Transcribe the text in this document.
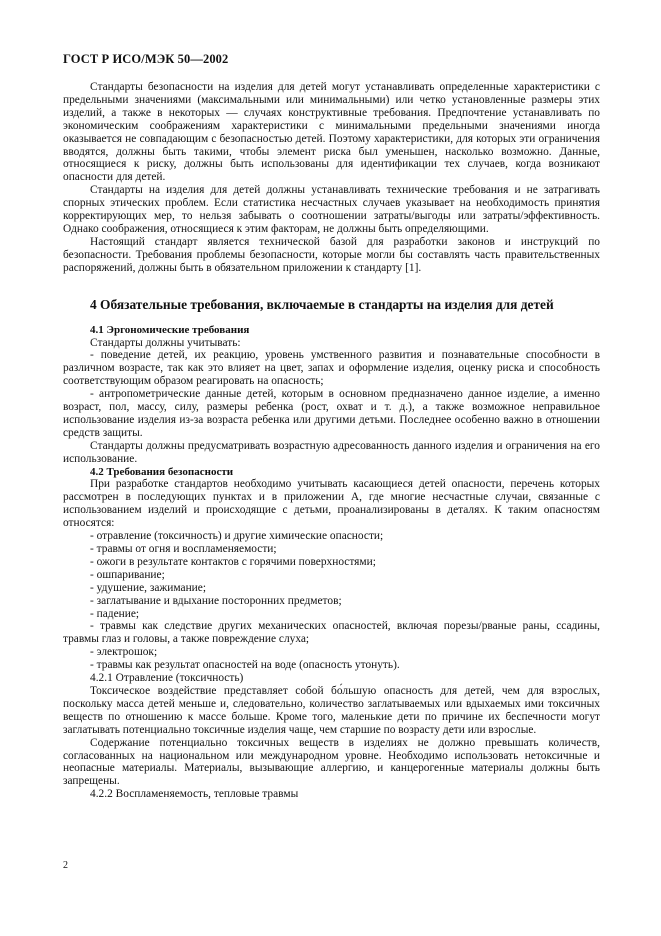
ГОСТ Р ИСО/МЭК 50—2002

Стандарты безопасности на изделия для детей могут устанавливать определенные характеристики с предельными значениями (максимальными или минимальными) или четко установленные размеры этих изделий, а также в некоторых — случаях конструктивные требования. Предпочтение устанавливать по экономическим соображениям характеристики с минимальными предельными значениями иногда оказывается не совпадающим с безопасностью детей. Поэтому характеристики, для которых эти ограничения вводятся, должны быть такими, чтобы элемент риска был уменьшен, насколько возможно. Данные, относящиеся к риску, должны быть использованы для идентификации тех случаев, когда возникают опасности для детей.

Стандарты на изделия для детей должны устанавливать технические требования и не затрагивать спорных этических проблем. Если статистика несчастных случаев указывает на необходимость принятия корректирующих мер, то нельзя забывать о соотношении затраты/выгоды или затраты/эффективность. Однако соображения, относящиеся к этим факторам, не должны быть определяющими.

Настоящий стандарт является технической базой для разработки законов и инструкций по безопасности. Требования проблемы безопасности, которые могли бы составлять часть правительственных распоряжений, должны быть в обязательном приложении к стандарту [1].

4 Обязательные требования, включаемые в стандарты на изделия для детей
4.1 Эргономические требования

Стандарты должны учитывать:

- поведение детей, их реакцию, уровень умственного развития и познавательные способности в различном возрасте, так как это влияет на цвет, запах и оформление изделия, оценку риска и способность соответствующим образом реагировать на опасность;

- антропометрические данные детей, которым в основном предназначено данное изделие, а именно возраст, пол, массу, силу, размеры ребенка (рост, охват и т. д.), а также возможное неправильное использование изделия из-за возраста ребенка или другими детьми. Последнее особенно важно в отношении средств защиты.

Стандарты должны предусматривать возрастную адресованность данного изделия и ограничения на его использование.

4.2 Требования безопасности

При разработке стандартов необходимо учитывать касающиеся детей опасности, перечень которых рассмотрен в последующих пунктах и в приложении А, где многие несчастные случаи, связанные с использованием изделий и происходящие с детьми, проанализированы в деталях. К таким опасностям относятся:

- отравление (токсичность) и другие химические опасности;

- травмы от огня и воспламеняемости;

- ожоги в результате контактов с горячими поверхностями;

- ошпаривание;

- удушение, зажимание;

- заглатывание и вдыхание посторонних предметов;

- падение;

- травмы как следствие других механических опасностей, включая порезы/рваные раны, ссадины, травмы глаз и головы, а также повреждение слуха;

- электрошок;

- травмы как результат опасностей на воде (опасность утонуть).

4.2.1 Отравление (токсичность)

Токсическое воздействие представляет собой бо́льшую опасность для детей, чем для взрослых, поскольку масса детей меньше и, следовательно, количество заглатываемых или вдыхаемых ими токсичных веществ по отношению к массе больше. Кроме того, маленькие дети по причине их беспечности могут заглатывать потенциально токсичные изделия чаще, чем старшие по возрасту дети или взрослые.

Содержание потенциально токсичных веществ в изделиях не должно превышать количеств, согласованных на национальном или международном уровне. Необходимо использовать нетоксичные и неопасные материалы. Материалы, вызывающие аллергию, и канцерогенные материалы должны быть запрещены.

4.2.2 Воспламеняемость, тепловые травмы

2
